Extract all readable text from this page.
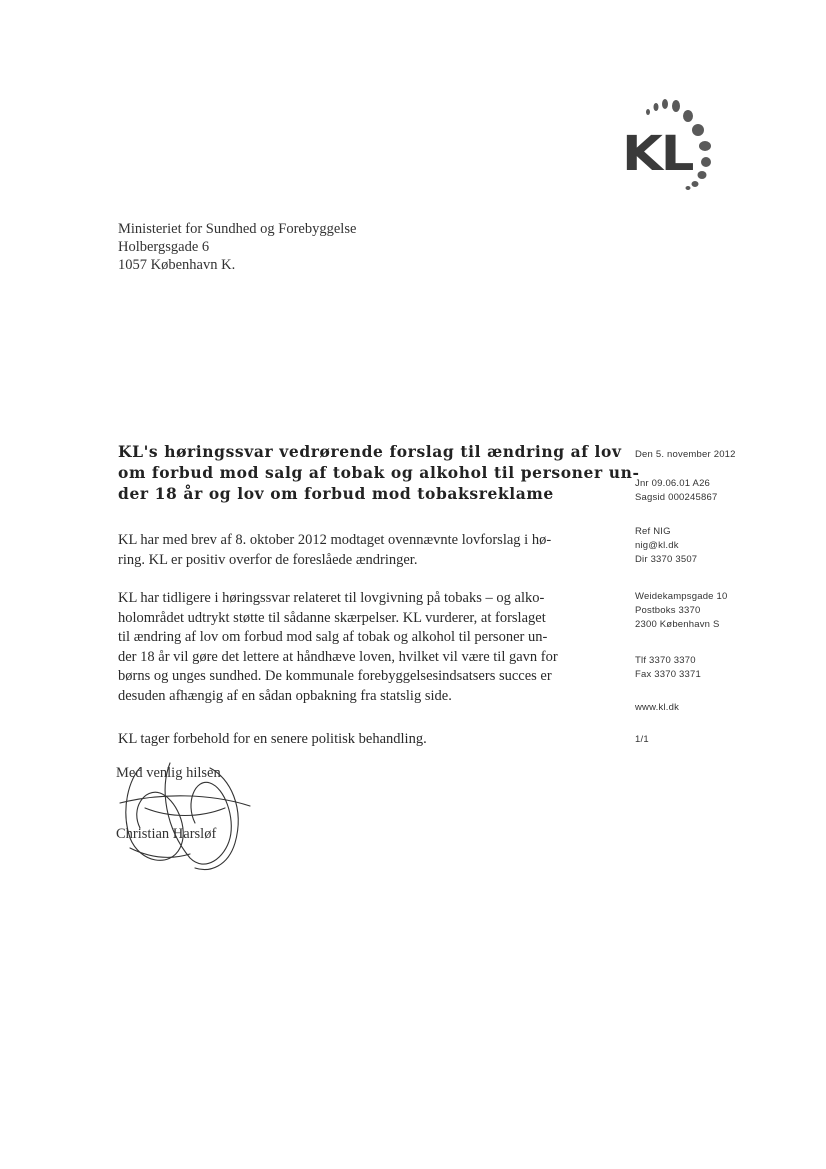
KL
Ministeriet for Sundhed og Forebyggelse
Holbergsgade 6
1057 København K.
KL's høringssvar vedrørende forslag til ændring af lov
om forbud mod salg af tobak og alkohol til personer un-
der 18 år og lov om forbud mod tobaksreklame
KL har med brev af 8. oktober 2012 modtaget ovennævnte lovforslag i hø-
ring. KL er positiv overfor de foreslåede ændringer.
KL har tidligere i høringssvar relateret til lovgivning på tobaks – og alko-
holområdet udtrykt støtte til sådanne skærpelser. KL vurderer, at forslaget
til ændring af lov om forbud mod salg af tobak og alkohol til personer un-
der 18 år vil gøre det lettere at håndhæve loven, hvilket vil være til gavn for
børns og unges sundhed. De kommunale forebyggelsesindsatsers succes er
desuden afhængig af en sådan opbakning fra statslig side.
KL tager forbehold for en senere politisk behandling.
Med venlig hilsen
Christian Harsløf
Den 5. november 2012
Jnr 09.06.01 A26
Sagsid 000245867
Ref NIG
nig@kl.dk
Dir 3370 3507
Weidekampsgade 10
Postboks 3370
2300 København S
Tlf 3370 3370
Fax 3370 3371
www.kl.dk
1/1
